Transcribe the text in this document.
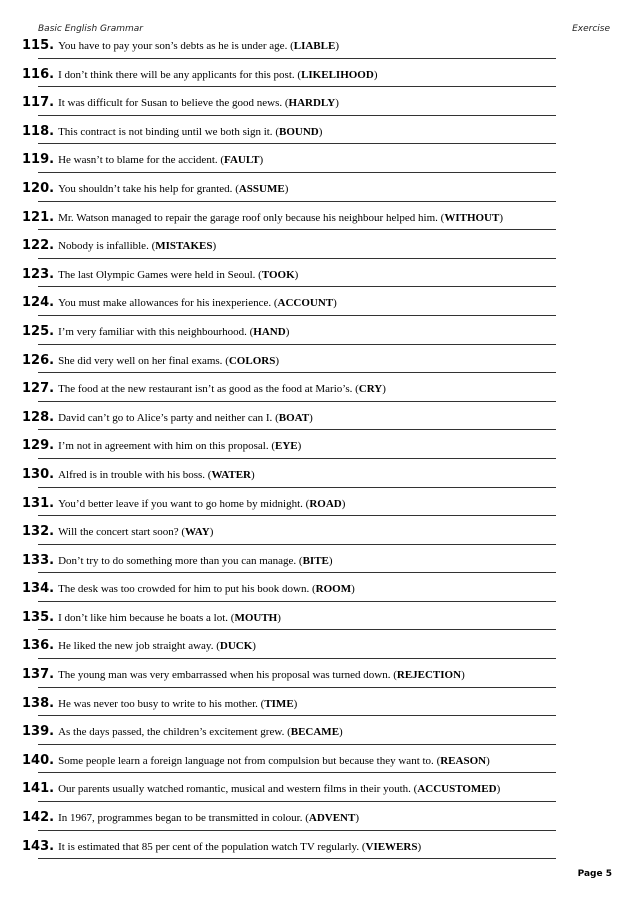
Basic English Grammar	Exercise
115. You have to pay your son’s debts as he is under age. (LIABLE)
116. I don’t think there will be any applicants for this post. (LIKELIHOOD)
117. It was difficult for Susan to believe the good news. (HARDLY)
118. This contract is not binding until we both sign it. (BOUND)
119. He wasn’t to blame for the accident. (FAULT)
120. You shouldn’t take his help for granted. (ASSUME)
121. Mr. Watson managed to repair the garage roof only because his neighbour helped him. (WITHOUT)
122. Nobody is infallible. (MISTAKES)
123. The last Olympic Games were held in Seoul. (TOOK)
124. You must make allowances for his inexperience. (ACCOUNT)
125. I’m very familiar with this neighbourhood. (HAND)
126. She did very well on her final exams. (COLORS)
127. The food at the new restaurant isn’t as good as the food at Mario’s. (CRY)
128. David can’t go to Alice’s party and neither can I. (BOAT)
129. I’m not in agreement with him on this proposal. (EYE)
130. Alfred is in trouble with his boss. (WATER)
131. You’d better leave if you want to go home by midnight. (ROAD)
132. Will the concert start soon? (WAY)
133. Don’t try to do something more than you can manage. (BITE)
134. The desk was too crowded for him to put his book down. (ROOM)
135. I don’t like him because he boats a lot. (MOUTH)
136. He liked the new job straight away. (DUCK)
137. The young man was very embarrassed when his proposal was turned down. (REJECTION)
138. He was never too busy to write to his mother. (TIME)
139. As the days passed, the children’s excitement grew. (BECAME)
140. Some people learn a foreign language not from compulsion but because they want to. (REASON)
141. Our parents usually watched romantic, musical and western films in their youth. (ACCUSTOMED)
142. In 1967, programmes began to be transmitted in colour. (ADVENT)
143. It is estimated that 85 per cent of the population watch TV regularly. (VIEWERS)
Page 5
